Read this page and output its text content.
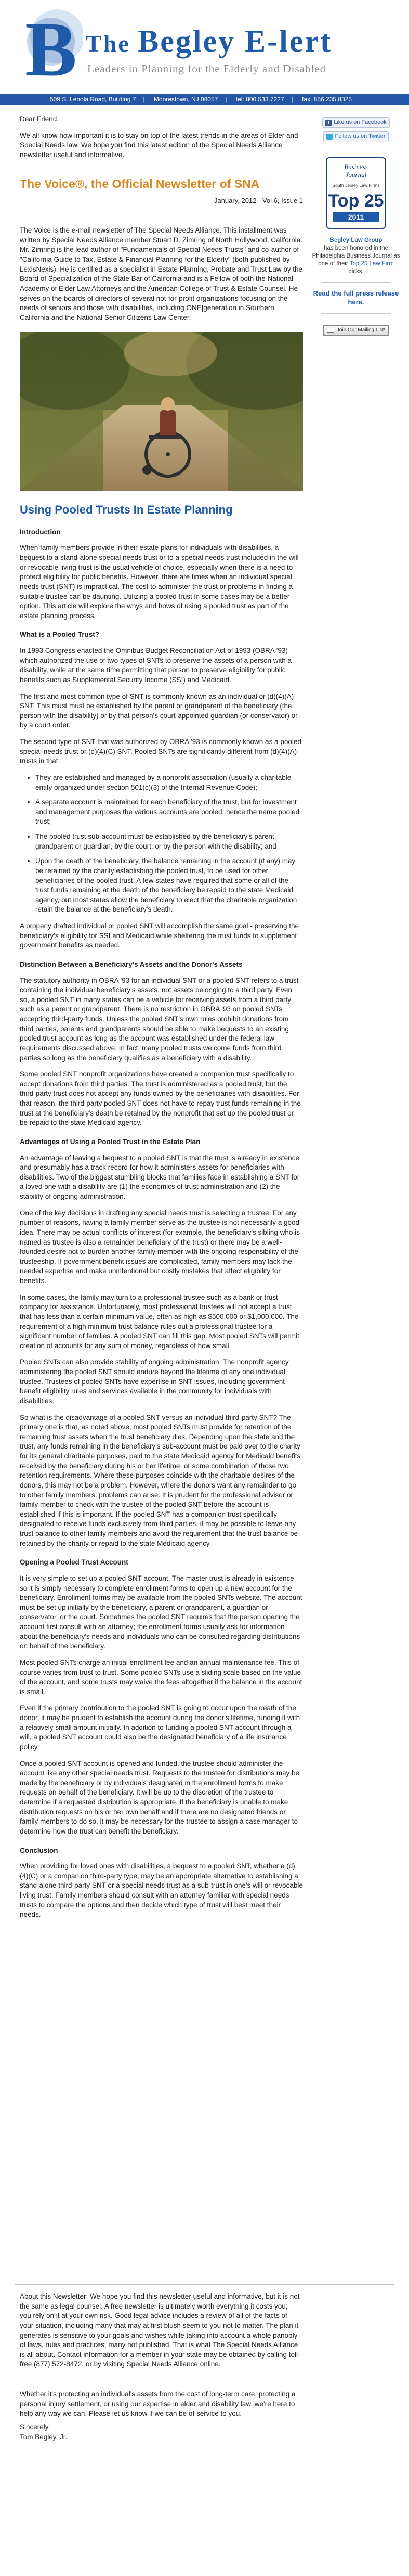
B The Begley E-lert
Leaders in Planning for the Elderly and Disabled
509 S. Lenola Road, Building 7 | Moorestown, NJ 08057 | tel: 800.533.7227 | fax: 856.235.8325
f Like us on Facebook

Follow us on Twitter
Business
Journal
South Jersey Law Firms
Top 25
2011
Begley Law Group
has been honored in the Philadelphia Business Journal as one of their Top 25 Law Firm picks.
Read the full press release
here.
Join Our Mailing List!

Dear Friend,

We all know how important it is to stay on top of the latest trends in the areas of Elder and Special Needs law. We hope you find this latest edition of the Special Needs Alliance newsletter useful and informative.

The Voice®, the Official Newsletter of SNA
January, 2012 - Vol 6, Issue 1

The Voice is the e-mail newsletter of The Special Needs Alliance. This installment was written by Special Needs Alliance member Stuart D. Zimring of North Hollywood, California. Mr. Zimring is the lead author of "Fundamentals of Special Needs Trusts" and co-author of "California Guide to Tax, Estate & Financial Planning for the Elderly" (both published by LexisNexis). He is certified as a specialist in Estate Planning, Probate and Trust Law by the Board of Specialization of the State Bar of California and is a Fellow of both the National Academy of Elder Law Attorneys and the American College of Trust & Estate Counsel. He serves on the boards of directors of several not-for-profit organizations focusing on the needs of seniors and those with disabilities, including ONE|generation in Southern California and the National Senior Citizens Law Center.

Using Pooled Trusts In Estate Planning
Introduction

When family members provide in their estate plans for individuals with disabilities, a bequest to a stand-alone special needs trust or to a special needs trust included in the will or revocable living trust is the usual vehicle of choice, especially when there is a need to protect eligibility for public benefits. However, there are times when an individual special needs trust (SNT) is impractical. The cost to administer the trust or problems in finding a suitable trustee can be daunting. Utilizing a pooled trust in some cases may be a better option. This article will explore the whys and hows of using a pooled trust as part of the estate planning process.

What is a Pooled Trust?

In 1993 Congress enacted the Omnibus Budget Reconciliation Act of 1993 (OBRA '93) which authorized the use of two types of SNTs to preserve the assets of a person with a disability, while at the same time permitting that person to preserve eligibility for public benefits such as Supplemental Security Income (SSI) and Medicaid.

The first and most common type of SNT is commonly known as an individual or (d)(4)(A) SNT. This must must be established by the parent or grandparent of the beneficiary (the person with the disability) or by that person's court-appointed guardian (or conservator) or by a court order.

The second type of SNT that was authorized by OBRA '93 is commonly known as a pooled special needs trust or (d)(4)(C) SNT. Pooled SNTs are significantly different from (d)(4)(A) trusts in that:

• They are established and managed by a nonprofit association (usually a charitable entity organized under section 501(c)(3) of the Internal Revenue Code);
• A separate account is maintained for each beneficiary of the trust, but for investment and management purposes the various accounts are pooled, hence the name pooled trust;
• The pooled trust sub-account must be established by the beneficiary's parent, grandparent or guardian, by the court, or by the person with the disability; and
• Upon the death of the beneficiary, the balance remaining in the account (if any) may be retained by the charity establishing the pooled trust, to be used for other beneficiaries of the pooled trust. A few states have required that some or all of the trust funds remaining at the death of the beneficiary be repaid to the state Medicaid agency, but most states allow the beneficiary to elect that the charitable organization retain the balance at the beneficiary's death.

A properly drafted individual or pooled SNT will accomplish the same goal - preserving the beneficiary's eligibility for SSI and Medicaid while sheltering the trust funds to supplement government benefits as needed.

Distinction Between a Beneficiary's Assets and the Donor's Assets

The statutory authority in OBRA '93 for an individual SNT or a pooled SNT refers to a trust containing the individual beneficiary's assets, not assets belonging to a third party. Even so, a pooled SNT in many states can be a vehicle for receiving assets from a third party such as a parent or grandparent. There is no restriction in OBRA '93 on pooled SNTs accepting third-party funds. Unless the pooled SNT's own rules prohibit donations from third parties, parents and grandparents should be able to make bequests to an existing pooled trust account as long as the account was established under the federal law requirements discussed above. In fact, many pooled trusts welcome funds from third parties so long as the beneficiary qualifies as a beneficiary with a disability.

Some pooled SNT nonprofit organizations have created a companion trust specifically to accept donations from third parties. The trust is administered as a pooled trust, but the third-party trust does not accept any funds owned by the beneficiaries with disabilities. For that reason, the third-party pooled SNT does not have to repay trust funds remaining in the trust at the beneficiary's death be retained by the nonprofit that set up the pooled trust or be repaid to the state Medicaid agency.

Advantages of Using a Pooled Trust in the Estate Plan

An advantage of leaving a bequest to a pooled SNT is that the trust is already in existence and presumably has a track record for how it administers assets for beneficiaries with disabilities. Two of the biggest stumbling blocks that families face in establishing a SNT for a loved one with a disability are (1) the economics of trust administration and (2) the stability of ongoing administration.

One of the key decisions in drafting any special needs trust is selecting a trustee. For any number of reasons, having a family member serve as the trustee is not necessarily a good idea. There may be actual conflicts of interest (for example, the beneficiary's sibling who is named as trustee is also a remainder beneficiary of the trust) or there may be a well-founded desire not to burden another family member with the ongoing responsibility of the trusteeship. If government benefit issues are complicated, family members may lack the needed expertise and make unintentional but costly mistakes that affect eligibility for benefits.

In some cases, the family may turn to a professional trustee such as a bank or trust company for assistance. Unfortunately, most professional trustees will not accept a trust that has less than a certain minimum value, often as high as $500,000 or $1,000,000. The requirement of a high minimum trust balance rules out a professional trustee for a significant number of families. A pooled SNT can fill this gap. Most pooled SNTs will permit creation of accounts for any sum of money, regardless of how small.

Pooled SNTs can also provide stability of ongoing administration. The nonprofit agency administering the pooled SNT should endure beyond the lifetime of any one individual trustee. Trustees of pooled SNTs have expertise in SNT issues, including government benefit eligibility rules and services available in the community for individuals with disabilities.

So what is the disadvantage of a pooled SNT versus an individual third-party SNT? The primary one is that, as noted above, most pooled SNTs must provide for retention of the remaining trust assets when the trust beneficiary dies. Depending upon the state and the trust, any funds remaining in the beneficiary's sub-account must be paid over to the charity for its general charitable purposes, paid to the state Medicaid agency for Medicaid benefits received by the beneficiary during his or her lifetime, or some combination of those two retention requirements. Where these purposes coincide with the charitable desires of the donors, this may not be a problem. However, where the donors want any remainder to go to other family members, problems can arise. It is prudent for the professional advisor or family member to check with the trustee of the pooled SNT before the account is established if this is important. If the pooled SNT has a companion trust specifically designated to receive funds exclusively from third parties, it may be possible to leave any trust balance to other family members and avoid the requirement that the trust balance be retained by the charity or repaid to the state Medicaid agency.

Opening a Pooled Trust Account

It is very simple to set up a pooled SNT account. The master trust is already in existence so it is simply necessary to complete enrollment forms to open up a new account for the beneficiary. Enrollment forms may be available from the pooled SNTs website. The account must be set up initially by the beneficiary, a parent or grandparent, a guardian or conservator, or the court. Sometimes the pooled SNT requires that the person opening the account first consult with an attorney; the enrollment forms usually ask for information about the beneficiary's needs and individuals who can be consulted regarding distributions on behalf of the beneficiary.

Most pooled SNTs charge an initial enrollment fee and an annual maintenance fee. This of course varies from trust to trust. Some pooled SNTs use a sliding scale based on the value of the account, and some trusts may waive the fees altogether if the balance in the account is small.

Even if the primary contribution to the pooled SNT is going to occur upon the death of the donor, it may be prudent to establish the account during the donor's lifetime, funding it with a relatively small amount initially. In addition to funding a pooled SNT account through a will, a pooled SNT account could also be the designated beneficiary of a life insurance policy.

Once a pooled SNT account is opened and funded, the trustee should administer the account like any other special needs trust. Requests to the trustee for distributions may be made by the beneficiary or by individuals designated in the enrollment forms to make requests on behalf of the beneficiary. It will be up to the discretion of the trustee to determine if a requested distribution is appropriate. If the beneficiary is unable to make distribution requests on his or her own behalf and if there are no designated friends or family members to do so, it may be necessary for the trustee to assign a case manager to determine how the trust can benefit the beneficiary.

Conclusion

When providing for loved ones with disabilities, a bequest to a pooled SNT, whether a (d)(4)(C) or a companion third-party type, may be an appropriate alternative to establishing a stand-alone third-party SNT or a special needs trust as a sub-trust in one's will or revocable living trust. Family members should consult with an attorney familiar with special needs trusts to compare the options and then decide which type of trust will best meet their needs.

About this Newsletter: We hope you find this newsletter useful and informative, but it is not the same as legal counsel. A free newsletter is ultimately worth everything it costs you; you rely on it at your own risk. Good legal advice includes a review of all of the facts of your situation, including many that may at first blush seem to you not to matter. The plan it generates is sensitive to your goals and wishes while taking into account a whole panoply of laws, rules and practices, many not published. That is what The Special Needs Alliance is all about. Contact information for a member in your state may be obtained by calling toll-free (877) 572-8472, or by visiting Special Needs Alliance online.

Whether it's protecting an individual's assets from the cost of long-term care, protecting a personal injury settlement, or using our expertise in elder and disability law, we're here to help any way we can. Please let us know if we can be of service to you.

Sincerely,
Tom Begley, Jr.
